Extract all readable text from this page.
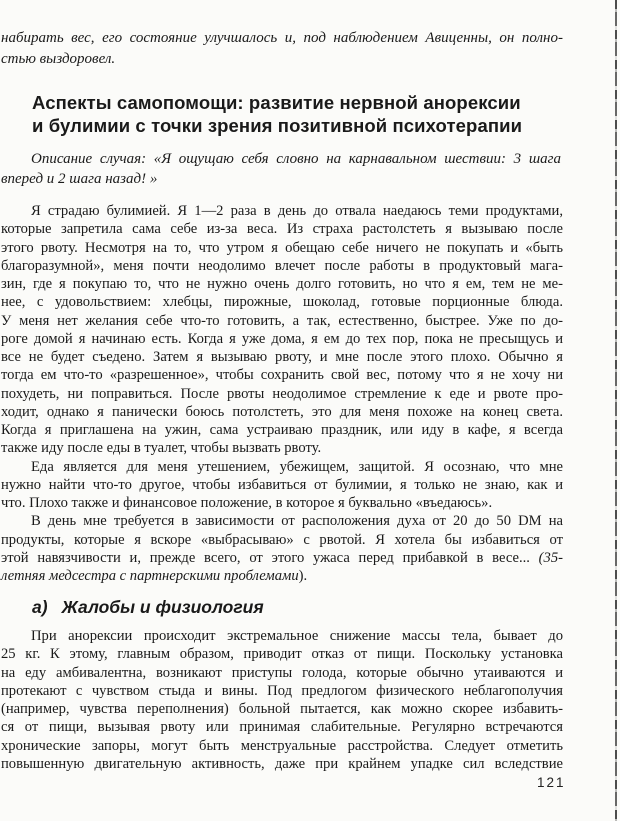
набирать вес, его состояние улучшалось и, под наблюдением Авиценны, он полно-
стью выздоровел.
Аспекты самопомощи: развитие нервной анорексии
и булимии с точки зрения позитивной психотерапии
Описание случая: «Я ощущаю себя словно на карнавальном шествии: 3 шага
вперед и 2 шага назад! »
Я страдаю булимией. Я 1—2 раза в день до отвала наедаюсь теми продуктами,
которые запретила сама себе из-за веса. Из страха растолстеть я вызываю после
этого рвоту. Несмотря на то, что утром я обещаю себе ничего не покупать и «быть
благоразумной», меня почти неодолимо влечет после работы в продуктовый мага-
зин, где я покупаю то, что не нужно очень долго готовить, но что я ем, тем не ме-
нее, с удовольствием: хлебцы, пирожные, шоколад, готовые порционные блюда.
У меня нет желания себе что-то готовить, а так, естественно, быстрее. Уже по до-
роге домой я начинаю есть. Когда я уже дома, я ем до тех пор, пока не пресыщусь и
все не будет съедено. Затем я вызываю рвоту, и мне после этого плохо. Обычно я
тогда ем что-то «разрешенное», чтобы сохранить свой вес, потому что я не хочу ни
похудеть, ни поправиться. После рвоты неодолимое стремление к еде и рвоте про-
ходит, однако я панически боюсь потолстеть, это для меня похоже на конец света.
Когда я приглашена на ужин, сама устраиваю праздник, или иду в кафе, я всегда
также иду после еды в туалет, чтобы вызвать рвоту.
Еда является для меня утешением, убежищем, защитой. Я осознаю, что мне
нужно найти что-то другое, чтобы избавиться от булимии, я только не знаю, как и
что. Плохо также и финансовое положение, в которое я буквально «въедаюсь».
В день мне требуется в зависимости от расположения духа от 20 до 50 DM на
продукты, которые я вскоре «выбрасываю» с рвотой. Я хотела бы избавиться от
этой навязчивости и, прежде всего, от этого ужаса перед прибавкой в весе... (35-
летняя медсестра с партнерскими проблемами).
а) Жалобы и физиология
При анорексии происходит экстремальное снижение массы тела, бывает до
25 кг. К этому, главным образом, приводит отказ от пищи. Поскольку установка
на еду амбивалентна, возникают приступы голода, которые обычно утаиваются и
протекают с чувством стыда и вины. Под предлогом физического неблагополучия
(например, чувства переполнения) больной пытается, как можно скорее избавить-
ся от пищи, вызывая рвоту или принимая слабительные. Регулярно встречаются
хронические запоры, могут быть менструальные расстройства. Следует отметить
повышенную двигательную активность, даже при крайнем упадке сил вследствие
121
